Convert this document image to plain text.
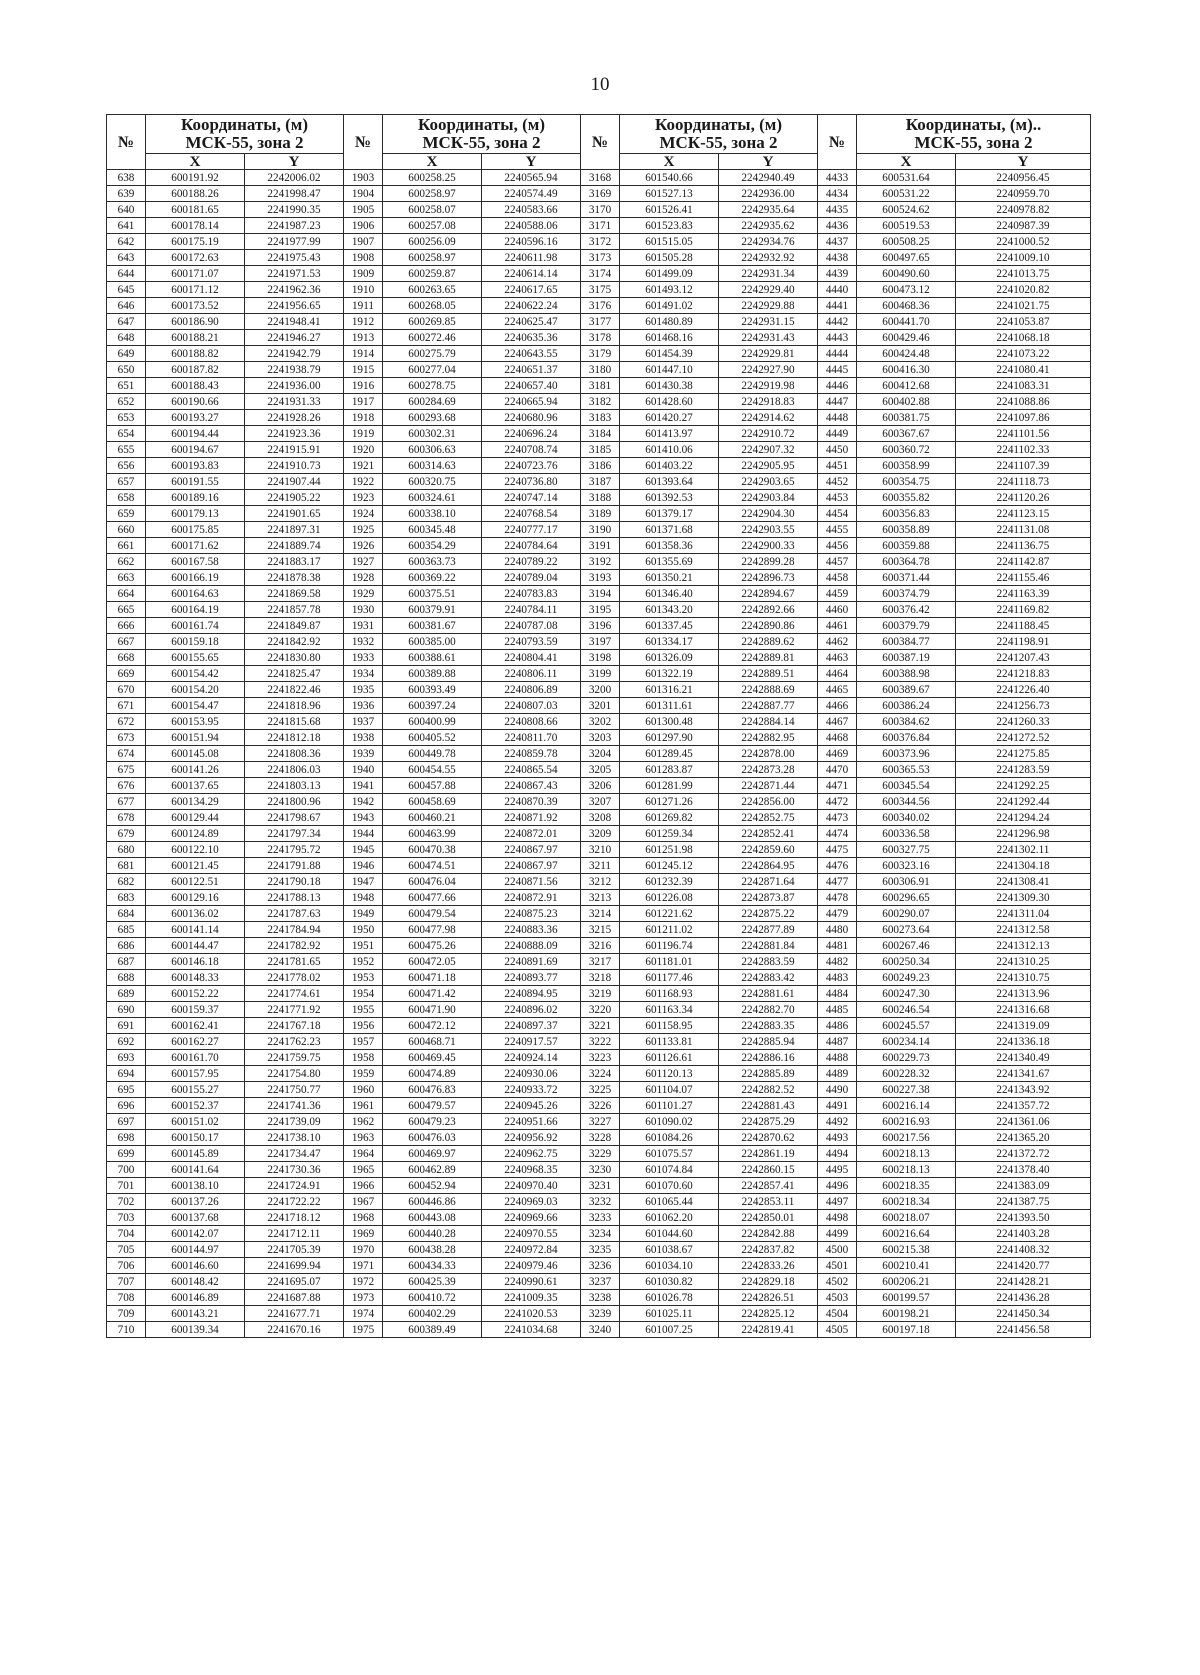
10
	Координаты, (м)			Координаты, (м)			Координаты, (м)			Координаты, (м)..	
№	МСК-55, зона 2		№	МСК-55, зона 2		№	МСК-55, зона 2		№	МСК-55, зона 2	
	X	Y		X	Y		X	Y		X	Y
638	600191.92	2242006.02	1903	600258.25	2240565.94	3168	601540.66	2242940.49	4433	600531.64	2240956.45
639	600188.26	2241998.47	1904	600258.97	2240574.49	3169	601527.13	2242936.00	4434	600531.22	2240959.70
640	600181.65	2241990.35	1905	600258.07	2240583.66	3170	601526.41	2242935.64	4435	600524.62	2240978.82
641	600178.14	2241987.23	1906	600257.08	2240588.06	3171	601523.83	2242935.62	4436	600519.53	2240987.39
642	600175.19	2241977.99	1907	600256.09	2240596.16	3172	601515.05	2242934.76	4437	600508.25	2241000.52
643	600172.63	2241975.43	1908	600258.97	2240611.98	3173	601505.28	2242932.92	4438	600497.65	2241009.10
644	600171.07	2241971.53	1909	600259.87	2240614.14	3174	601499.09	2242931.34	4439	600490.60	2241013.75
645	600171.12	2241962.36	1910	600263.65	2240617.65	3175	601493.12	2242929.40	4440	600473.12	2241020.82
646	600173.52	2241956.65	1911	600268.05	2240622.24	3176	601491.02	2242929.88	4441	600468.36	2241021.75
647	600186.90	2241948.41	1912	600269.85	2240625.47	3177	601480.89	2242931.15	4442	600441.70	2241053.87
648	600188.21	2241946.27	1913	600272.46	2240635.36	3178	601468.16	2242931.43	4443	600429.46	2241068.18
649	600188.82	2241942.79	1914	600275.79	2240643.55	3179	601454.39	2242929.81	4444	600424.48	2241073.22
650	600187.82	2241938.79	1915	600277.04	2240651.37	3180	601447.10	2242927.90	4445	600416.30	2241080.41
651	600188.43	2241936.00	1916	600278.75	2240657.40	3181	601430.38	2242919.98	4446	600412.68	2241083.31
652	600190.66	2241931.33	1917	600284.69	2240665.94	3182	601428.60	2242918.83	4447	600402.88	2241088.86
653	600193.27	2241928.26	1918	600293.68	2240680.96	3183	601420.27	2242914.62	4448	600381.75	2241097.86
654	600194.44	2241923.36	1919	600302.31	2240696.24	3184	601413.97	2242910.72	4449	600367.67	2241101.56
655	600194.67	2241915.91	1920	600306.63	2240708.74	3185	601410.06	2242907.32	4450	600360.72	2241102.33
656	600193.83	2241910.73	1921	600314.63	2240723.76	3186	601403.22	2242905.95	4451	600358.99	2241107.39
657	600191.55	2241907.44	1922	600320.75	2240736.80	3187	601393.64	2242903.65	4452	600354.75	2241118.73
658	600189.16	2241905.22	1923	600324.61	2240747.14	3188	601392.53	2242903.84	4453	600355.82	2241120.26
659	600179.13	2241901.65	1924	600338.10	2240768.54	3189	601379.17	2242904.30	4454	600356.83	2241123.15
660	600175.85	2241897.31	1925	600345.48	2240777.17	3190	601371.68	2242903.55	4455	600358.89	2241131.08
661	600171.62	2241889.74	1926	600354.29	2240784.64	3191	601358.36	2242900.33	4456	600359.88	2241136.75
662	600167.58	2241883.17	1927	600363.73	2240789.22	3192	601355.69	2242899.28	4457	600364.78	2241142.87
663	600166.19	2241878.38	1928	600369.22	2240789.04	3193	601350.21	2242896.73	4458	600371.44	2241155.46
664	600164.63	2241869.58	1929	600375.51	2240783.83	3194	601346.40	2242894.67	4459	600374.79	2241163.39
665	600164.19	2241857.78	1930	600379.91	2240784.11	3195	601343.20	2242892.66	4460	600376.42	2241169.82
666	600161.74	2241849.87	1931	600381.67	2240787.08	3196	601337.45	2242890.86	4461	600379.79	2241188.45
667	600159.18	2241842.92	1932	600385.00	2240793.59	3197	601334.17	2242889.62	4462	600384.77	2241198.91
668	600155.65	2241830.80	1933	600388.61	2240804.41	3198	601326.09	2242889.81	4463	600387.19	2241207.43
669	600154.42	2241825.47	1934	600389.88	2240806.11	3199	601322.19	2242889.51	4464	600388.98	2241218.83
670	600154.20	2241822.46	1935	600393.49	2240806.89	3200	601316.21	2242888.69	4465	600389.67	2241226.40
671	600154.47	2241818.96	1936	600397.24	2240807.03	3201	601311.61	2242887.77	4466	600386.24	2241256.73
672	600153.95	2241815.68	1937	600400.99	2240808.66	3202	601300.48	2242884.14	4467	600384.62	2241260.33
673	600151.94	2241812.18	1938	600405.52	2240811.70	3203	601297.90	2242882.95	4468	600376.84	2241272.52
674	600145.08	2241808.36	1939	600449.78	2240859.78	3204	601289.45	2242878.00	4469	600373.96	2241275.85
675	600141.26	2241806.03	1940	600454.55	2240865.54	3205	601283.87	2242873.28	4470	600365.53	2241283.59
676	600137.65	2241803.13	1941	600457.88	2240867.43	3206	601281.99	2242871.44	4471	600345.54	2241292.25
677	600134.29	2241800.96	1942	600458.69	2240870.39	3207	601271.26	2242856.00	4472	600344.56	2241292.44
678	600129.44	2241798.67	1943	600460.21	2240871.92	3208	601269.82	2242852.75	4473	600340.02	2241294.24
679	600124.89	2241797.34	1944	600463.99	2240872.01	3209	601259.34	2242852.41	4474	600336.58	2241296.98
680	600122.10	2241795.72	1945	600470.38	2240867.97	3210	601251.98	2242859.60	4475	600327.75	2241302.11
681	600121.45	2241791.88	1946	600474.51	2240867.97	3211	601245.12	2242864.95	4476	600323.16	2241304.18
682	600122.51	2241790.18	1947	600476.04	2240871.56	3212	601232.39	2242871.64	4477	600306.91	2241308.41
683	600129.16	2241788.13	1948	600477.66	2240872.91	3213	601226.08	2242873.87	4478	600296.65	2241309.30
684	600136.02	2241787.63	1949	600479.54	2240875.23	3214	601221.62	2242875.22	4479	600290.07	2241311.04
685	600141.14	2241784.94	1950	600477.98	2240883.36	3215	601211.02	2242877.89	4480	600273.64	2241312.58
686	600144.47	2241782.92	1951	600475.26	2240888.09	3216	601196.74	2242881.84	4481	600267.46	2241312.13
687	600146.18	2241781.65	1952	600472.05	2240891.69	3217	601181.01	2242883.59	4482	600250.34	2241310.25
688	600148.33	2241778.02	1953	600471.18	2240893.77	3218	601177.46	2242883.42	4483	600249.23	2241310.75
689	600152.22	2241774.61	1954	600471.42	2240894.95	3219	601168.93	2242881.61	4484	600247.30	2241313.96
690	600159.37	2241771.92	1955	600471.90	2240896.02	3220	601163.34	2242882.70	4485	600246.54	2241316.68
691	600162.41	2241767.18	1956	600472.12	2240897.37	3221	601158.95	2242883.35	4486	600245.57	2241319.09
692	600162.27	2241762.23	1957	600468.71	2240917.57	3222	601133.81	2242885.94	4487	600234.14	2241336.18
693	600161.70	2241759.75	1958	600469.45	2240924.14	3223	601126.61	2242886.16	4488	600229.73	2241340.49
694	600157.95	2241754.80	1959	600474.89	2240930.06	3224	601120.13	2242885.89	4489	600228.32	2241341.67
695	600155.27	2241750.77	1960	600476.83	2240933.72	3225	601104.07	2242882.52	4490	600227.38	2241343.92
696	600152.37	2241741.36	1961	600479.57	2240945.26	3226	601101.27	2242881.43	4491	600216.14	2241357.72
697	600151.02	2241739.09	1962	600479.23	2240951.66	3227	601090.02	2242875.29	4492	600216.93	2241361.06
698	600150.17	2241738.10	1963	600476.03	2240956.92	3228	601084.26	2242870.62	4493	600217.56	2241365.20
699	600145.89	2241734.47	1964	600469.97	2240962.75	3229	601075.57	2242861.19	4494	600218.13	2241372.72
700	600141.64	2241730.36	1965	600462.89	2240968.35	3230	601074.84	2242860.15	4495	600218.13	2241378.40
701	600138.10	2241724.91	1966	600452.94	2240970.40	3231	601070.60	2242857.41	4496	600218.35	2241383.09
702	600137.26	2241722.22	1967	600446.86	2240969.03	3232	601065.44	2242853.11	4497	600218.34	2241387.75
703	600137.68	2241718.12	1968	600443.08	2240969.66	3233	601062.20	2242850.01	4498	600218.07	2241393.50
704	600142.07	2241712.11	1969	600440.28	2240970.55	3234	601044.60	2242842.88	4499	600216.64	2241403.28
705	600144.97	2241705.39	1970	600438.28	2240972.84	3235	601038.67	2242837.82	4500	600215.38	2241408.32
706	600146.60	2241699.94	1971	600434.33	2240979.46	3236	601034.10	2242833.26	4501	600210.41	2241420.77
707	600148.42	2241695.07	1972	600425.39	2240990.61	3237	601030.82	2242829.18	4502	600206.21	2241428.21
708	600146.89	2241687.88	1973	600410.72	2241009.35	3238	601026.78	2242826.51	4503	600199.57	2241436.28
709	600143.21	2241677.71	1974	600402.29	2241020.53	3239	601025.11	2242825.12	4504	600198.21	2241450.34
710	600139.34	2241670.16	1975	600389.49	2241034.68	3240	601007.25	2242819.41	4505	600197.18	2241456.58
